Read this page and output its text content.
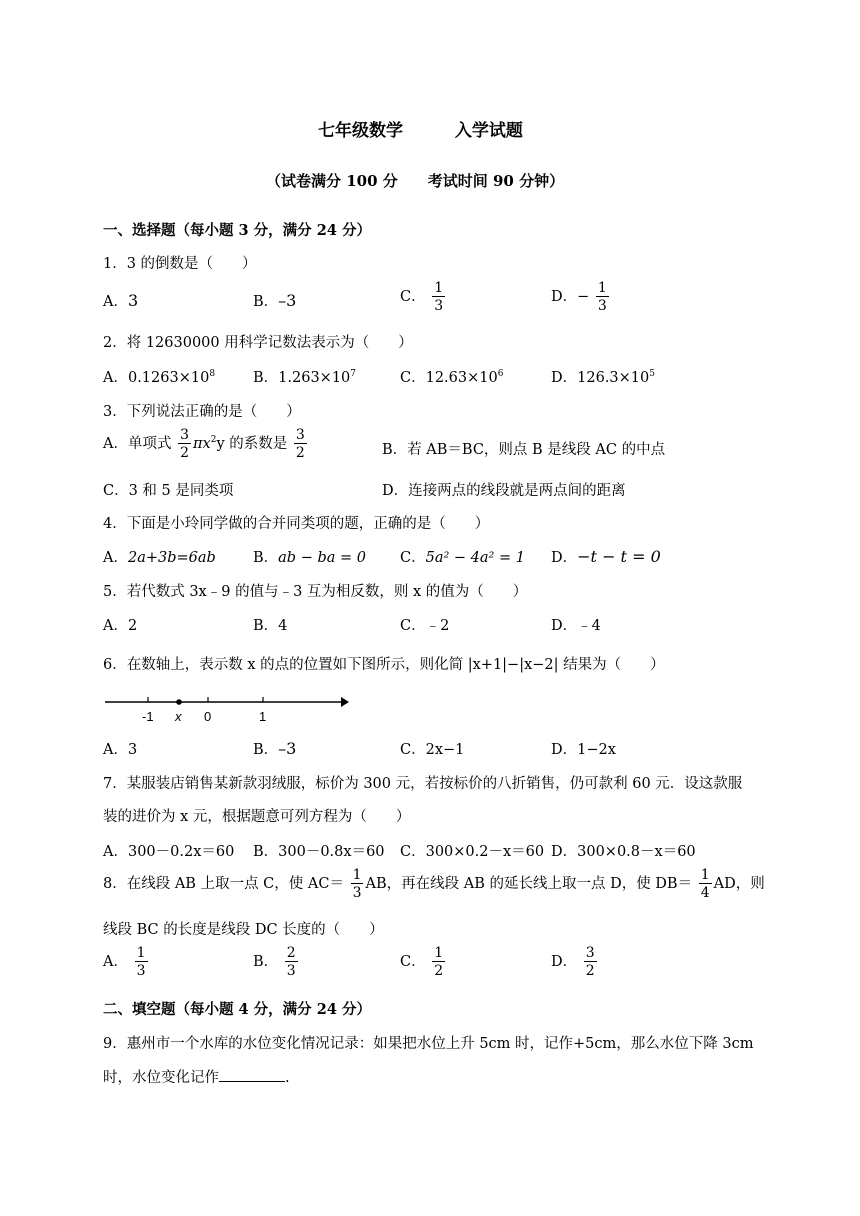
七年级数学	入学试题
（试卷满分 100 分　　考试时间 90 分钟）
一、选择题（每小题 3 分，满分 24 分）
1．3 的倒数是（　　）
A．3	B．–3	C． $\frac{1}{3}$	D．− $\frac{1}{3}$
2．将 12630000 用科学记数法表示为（　　）
A．$0.1263\times 10^8$	B．$1.263\times 10^7$	C．$12.63\times 10^6$	D．$126.3\times 10^5$
3．下列说法正确的是（　　）
A．单项式 $\frac{3}{2} \pi x^2y$ 的系数是 $\frac{3}{2}$	B．若 AB＝BC，则点 B 是线段 AC 的中点
C．3 和 5 是同类项	D．连接两点的线段就是两点间的距离
4．下面是小玲同学做的合并同类项的题，正确的是（　　）
A．2a+3b=6ab	B．ab − ba = 0 C．5a² − 4a² = 1 D．−t − t = 0
5．若代数式 3x﹣9 的值与﹣3 互为相反数，则 x 的值为（　　）
A．2	B．4	C．﹣2	D．﹣4
6．在数轴上，表示数 x 的点的位置如下图所示，则化简 |x+1|−|x−2| 结果为（　　）
-1 x 0	1
A．3	B．–3	C．2x−1	D．1−2x
7．某服装店销售某新款羽绒服，标价为 300 元，若按标价的八折销售，仍可款利 60 元．设这款服
装的进价为 x 元，根据题意可列方程为（　　）
A．300－0.2x＝60 B．300－0.8x＝60 C．300×0.2－x＝60 D．300×0.8－x＝60
8．在线段 AB 上取一点 C，使 $AC= \frac{1}{3}$ AB，再在线段 AB 的延长线上取一点 D，使 $DB= \frac{1}{4}$ AD，则
线段 BC 的长度是线段 DC 长度的（　　）
A． $\frac{1}{3}$	B． $\frac{2}{3}$	C． $\frac{1}{2}$	D． $\frac{3}{2}$
二、填空题（每小题 4 分，满分 24 分）
9．惠州市一个水库的水位变化情况记录：如果把水位上升 5cm 时，记作+5cm，那么水位下降 3cm
时，水位变化记作	.
